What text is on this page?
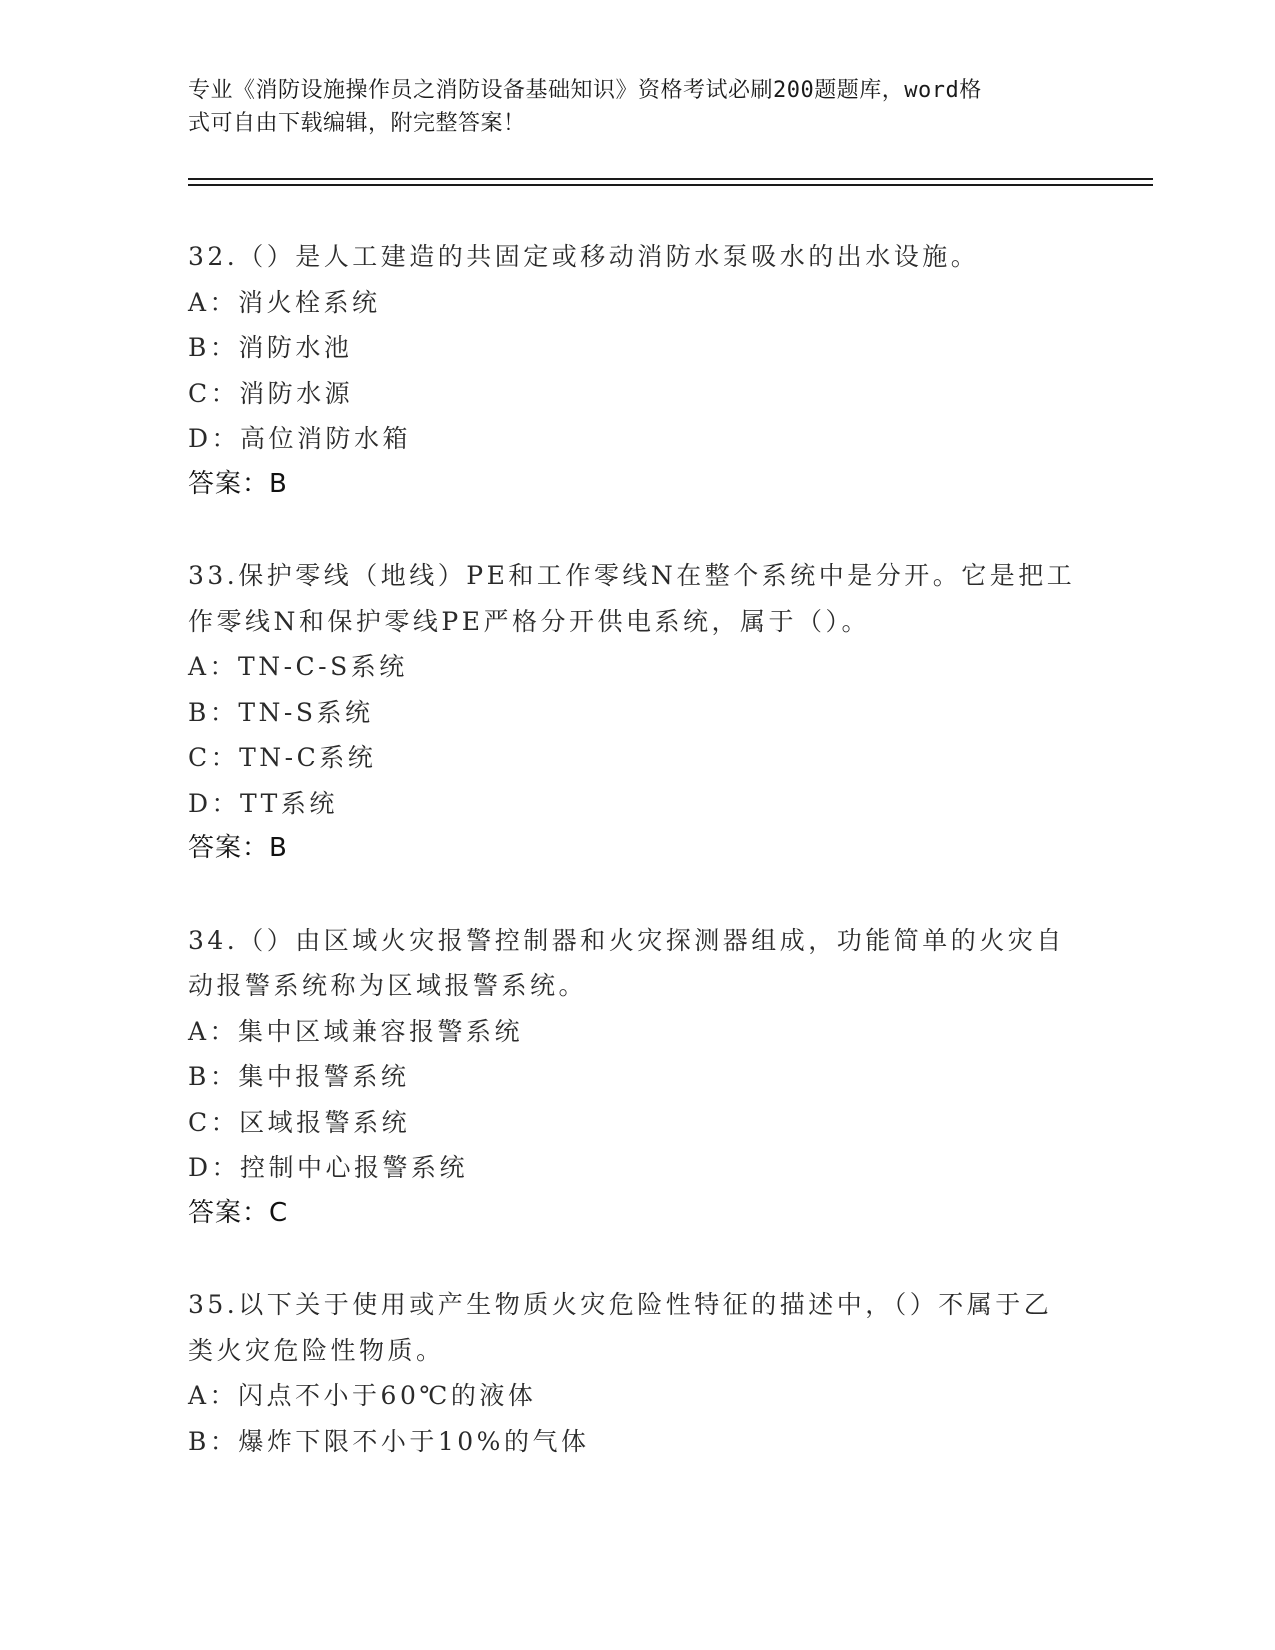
专业《消防设施操作员之消防设备基础知识》资格考试必刷200题题库，word格
式可自由下载编辑，附完整答案！
32.（）是人工建造的共固定或移动消防水泵吸水的出水设施。
A：消火栓系统
B：消防水池
C：消防水源
D：高位消防水箱
答案：B
33.保护零线（地线）PE和工作零线N在整个系统中是分开。它是把工
作零线N和保护零线PE严格分开供电系统，属于（）。
A：TN-C-S系统
B：TN-S系统
C：TN-C系统
D：TT系统
答案：B
34.（）由区域火灾报警控制器和火灾探测器组成，功能简单的火灾自
动报警系统称为区域报警系统。
A：集中区域兼容报警系统
B：集中报警系统
C：区域报警系统
D：控制中心报警系统
答案：C
35.以下关于使用或产生物质火灾危险性特征的描述中，（）不属于乙
类火灾危险性物质。
A：闪点不小于60℃的液体
B：爆炸下限不小于10%的气体
